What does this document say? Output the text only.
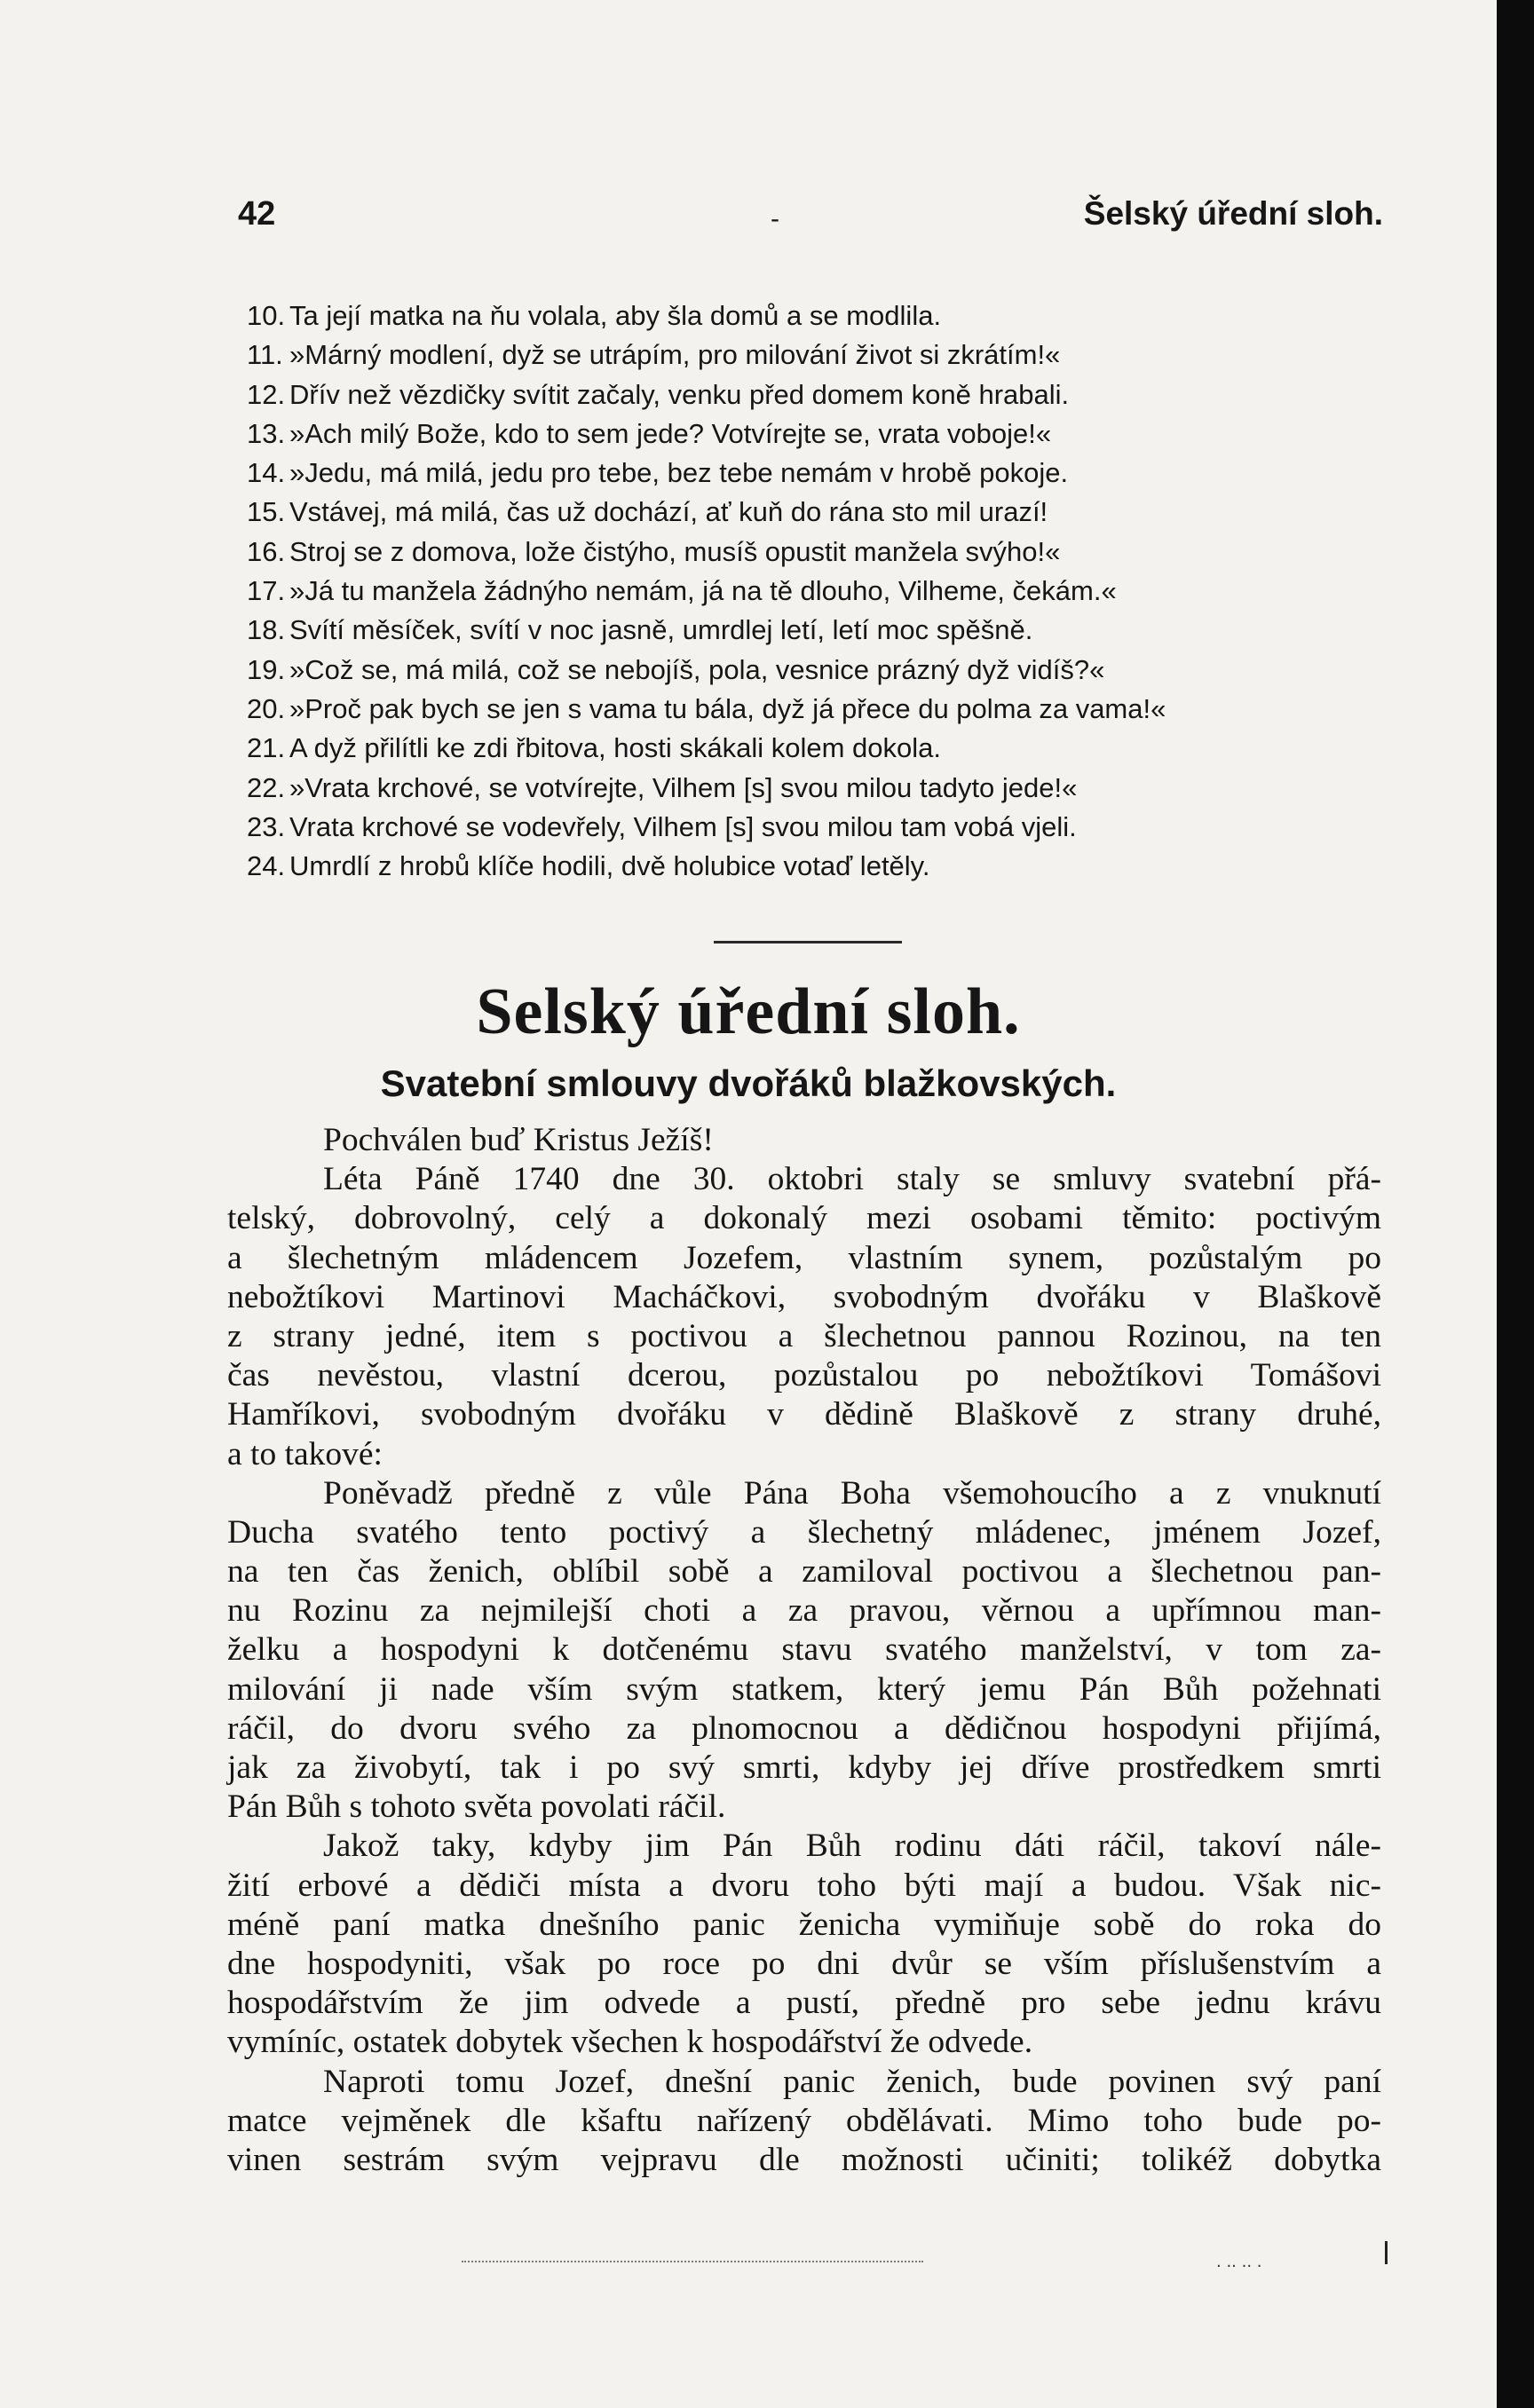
42	-	Šelský úřední sloh.
10. Ta její matka na ňu volala, aby šla domů a se modlila.
11. »Márný modlení, dyž se utrápím, pro milování život si zkrátím!«
12. Dřív než vězdičky svítit začaly, venku před domem koně hrabali.
13. »Ach milý Bože, kdo to sem jede? Votvírejte se, vrata voboje!«
14. »Jedu, má milá, jedu pro tebe, bez tebe nemám v hrobě pokoje.
15. Vstávej, má milá, čas už dochází, ať kuň do rána sto mil urazí!
16. Stroj se z domova, lože čistýho, musíš opustit manžela svýho!«
17. »Já tu manžela žádnýho nemám, já na tě dlouho, Vilheme, čekám.«
18. Svítí měsíček, svítí v noc jasně, umrdlej letí, letí moc spěšně.
19. »Což se, má milá, což se nebojíš, pola, vesnice prázný dyž vidíš?«
20. »Proč pak bych se jen s vama tu bála, dyž já přece du polma za vama!«
21. A dyž přilítli ke zdi řbitova, hosti skákali kolem dokola.
22. »Vrata krchové, se votvírejte, Vilhem [s] svou milou tadyto jede!«
23. Vrata krchové se vodevřely, Vilhem [s] svou milou tam vobá vjeli.
24. Umrdlí z hrobů klíče hodili, dvě holubice votaď letěly.
Selský úřední sloh.
Svatební smlouvy dvořáků blažkovských.
Pochválen buď Kristus Ježíš!
Léta Páně 1740 dne 30. oktobri staly se smluvy svatební přá-
telský, dobrovolný, celý a dokonalý mezi osobami těmito: poctivým
a šlechetným mládencem Jozefem, vlastním synem, pozůstalým po
nebožtíkovi Martinovi Macháčkovi, svobodným dvořáku v Blaškově
z strany jedné, item s poctivou a šlechetnou pannou Rozinou, na ten
čas nevěstou, vlastní dcerou, pozůstalou po nebožtíkovi Tomášovi
Hamříkovi, svobodným dvořáku v dědině Blaškově z strany druhé,
a to takové:
Poněvadž předně z vůle Pána Boha všemohoucího a z vnuknutí
Ducha svatého tento poctivý a šlechetný mládenec, jménem Jozef,
na ten čas ženich, oblíbil sobě a zamiloval poctivou a šlechetnou pan-
nu Rozinu za nejmilejší choti a za pravou, věrnou a upřímnou man-
želku a hospodyni k dotčenému stavu svatého manželství, v tom za-
milování ji nade vším svým statkem, který jemu Pán Bůh požehnati
ráčil, do dvoru svého za plnomocnou a dědičnou hospodyni přijímá,
jak za živobytí, tak i po svý smrti, kdyby jej dříve prostředkem smrti
Pán Bůh s tohoto světa povolati ráčil.
Jakož taky, kdyby jim Pán Bůh rodinu dáti ráčil, takoví nále-
žití erbové a dědiči místa a dvoru toho býti mají a budou. Však nic-
méně paní matka dnešního panic ženicha vymiňuje sobě do roka do
dne hospodyniti, však po roce po dni dvůr se vším příslušenstvím a
hospodářstvím že jim odvede a pustí, předně pro sebe jednu krávu
vymíníc, ostatek dobytek všechen k hospodářství že odvede.
Naproti tomu Jozef, dnešní panic ženich, bude povinen svý paní
matce vejměnek dle kšaftu nařízený obdělávati. Mimo toho bude po-
vinen sestrám svým vejpravu dle možnosti učiniti; tolikéž dobytka
· ·· ·· ·
